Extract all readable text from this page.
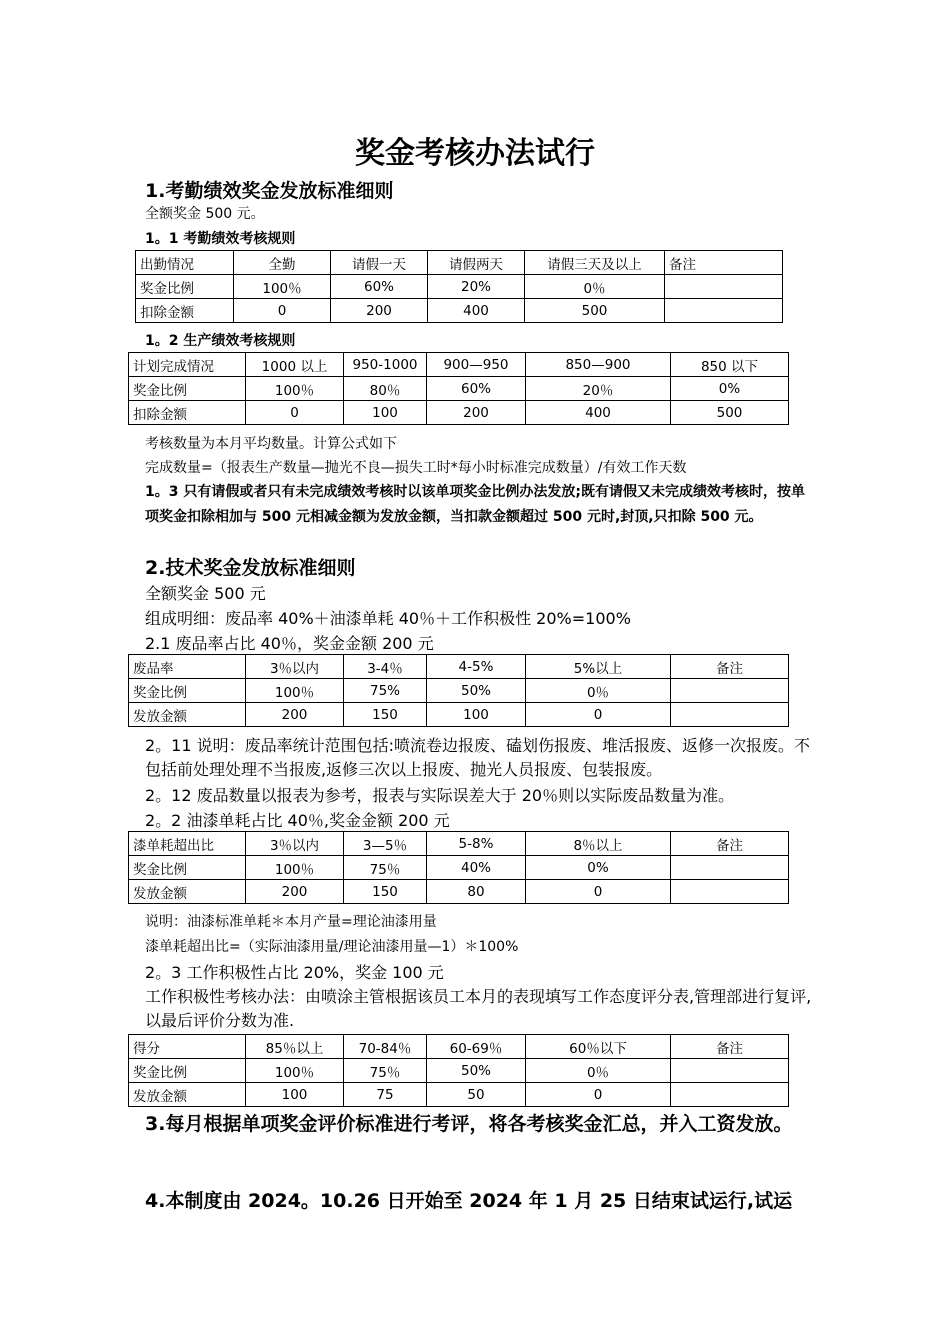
奖金考核办法试行
1.考勤绩效奖金发放标准细则
全额奖金 500 元。
1。1 考勤绩效考核规则
出勤情况	全勤	请假一天	请假两天	请假三天及以上	备注
奖金比例	100％	60%	20%	0％	
扣除金额	0	200	400	500	
1。2 生产绩效考核规则
计划完成情况	1000 以上	950-1000	900—950	850—900	850 以下
奖金比例	100％	80％	60%	20％	0%
扣除金额	0	100	200	400	500
考核数量为本月平均数量。计算公式如下
完成数量=（报表生产数量—抛光不良—损失工时*每小时标准完成数量）/有效工作天数
1。3 只有请假或者只有未完成绩效考核时以该单项奖金比例办法发放;既有请假又未完成绩效考核时，按单项奖金扣除相加与 500 元相减金额为发放金额，当扣款金额超过 500 元时,封顶,只扣除 500 元。
2.技术奖金发放标准细则
全额奖金 500 元
组成明细：废品率 40%＋油漆单耗 40％＋工作积极性 20%=100%
2.1 废品率占比 40％，奖金金额 200 元
废品率	3％以内	3-4％	4-5%	5%以上	备注
奖金比例	100％	75%	50%	0％	
发放金额	200	150	100	0	
2。11 说明：废品率统计范围包括:喷流卷边报废、磕划伤报废、堆活报废、返修一次报废。不包括前处理处理不当报废,返修三次以上报废、抛光人员报废、包装报废。
2。12 废品数量以报表为参考，报表与实际误差大于 20％则以实际废品数量为准。
2。2 油漆单耗占比 40％,奖金金额 200 元
漆单耗超出比	3％以内	3—5％	5-8%	8％以上	备注
奖金比例	100％	75％	40%	0%	
发放金额	200	150	80	0	
说明：油漆标准单耗＊本月产量=理论油漆用量
漆单耗超出比=（实际油漆用量/理论油漆用量—1）＊100%
2。3 工作积极性占比 20%，奖金 100 元
工作积极性考核办法：由喷涂主管根据该员工本月的表现填写工作态度评分表,管理部进行复评,以最后评价分数为准.
得分	85％以上	70-84％	60-69％	60％以下	备注
奖金比例	100％	75％	50%	0％	
发放金额	100	75	50	0	
3.每月根据单项奖金评价标准进行考评，将各考核奖金汇总，并入工资发放。
4.本制度由 2024。10.26 日开始至 2024 年 1 月 25 日结束试运行,试运
